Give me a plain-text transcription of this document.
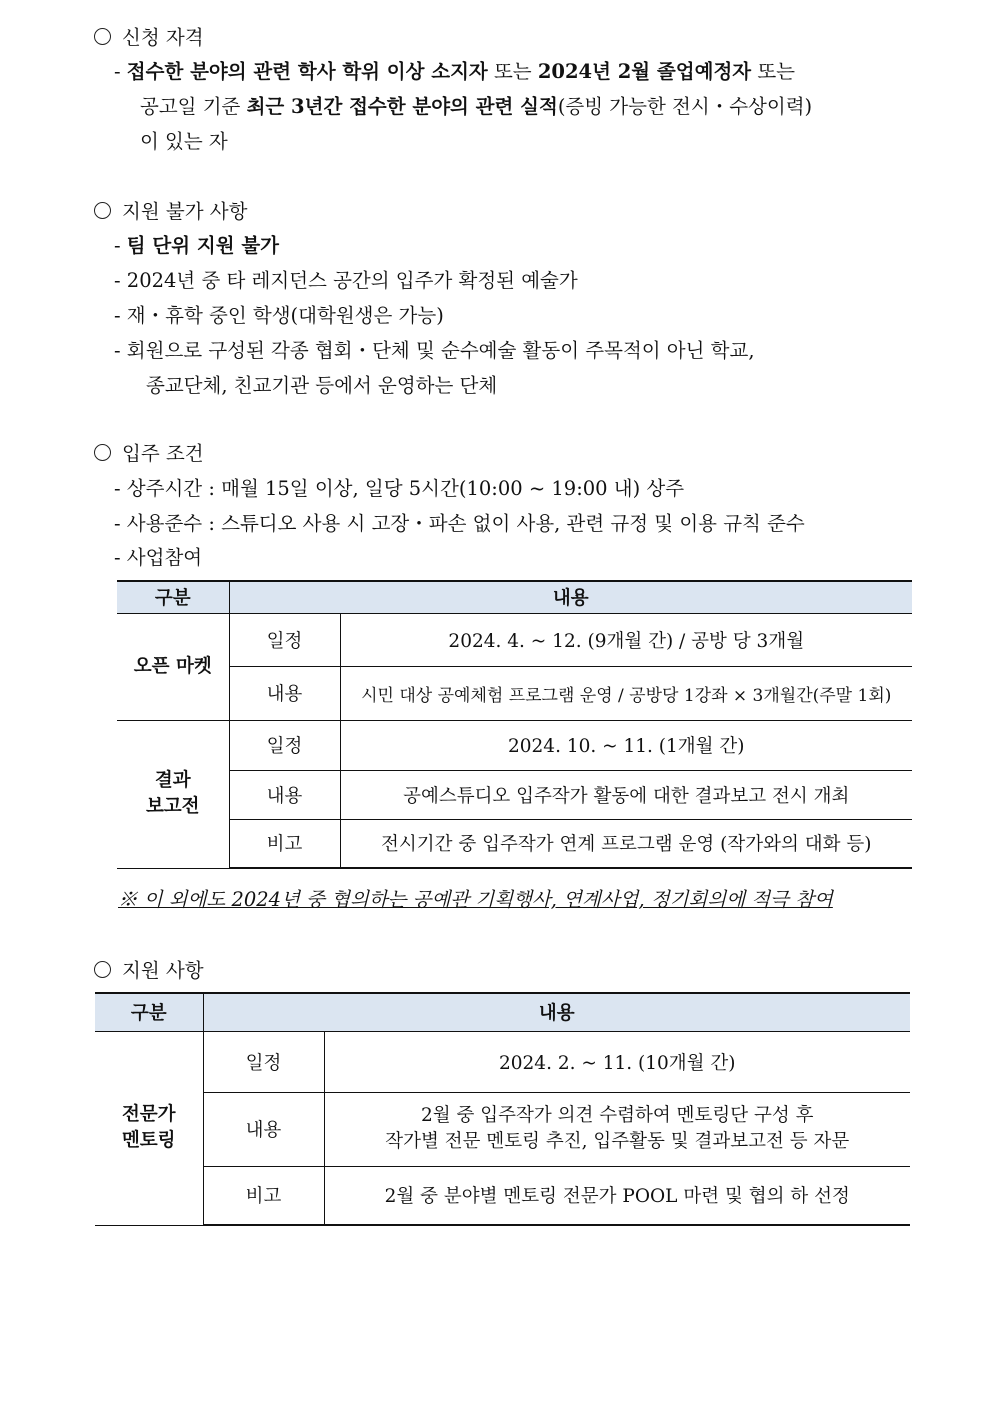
신청 자격
- 접수한 분야의 관련 학사 학위 이상 소지자 또는 2024년 2월 졸업예정자 또는
공고일 기준 최근 3년간 접수한 분야의 관련 실적(증빙 가능한 전시・수상이력)
이 있는 자
지원 불가 사항
- 팀 단위 지원 불가
- 2024년 중 타 레지던스 공간의 입주가 확정된 예술가
- 재・휴학 중인 학생(대학원생은 가능)
- 회원으로 구성된 각종 협회・단체 및 순수예술 활동이 주목적이 아닌 학교,
종교단체, 친교기관 등에서 운영하는 단체
입주 조건
- 상주시간 : 매월 15일 이상, 일당 5시간(10:00 ~ 19:00 내) 상주
- 사용준수 : 스튜디오 사용 시 고장・파손 없이 사용, 관련 규정 및 이용 규칙 준수
- 사업참여
구분	내용	
오픈 마켓	일정	2024. 4. ~ 12. (9개월 간) / 공방 당 3개월
	내용	시민 대상 공예체험 프로그램 운영 / 공방당 1강좌 × 3개월간(주말 1회)

결과
보고전	일정	2024. 10. ~ 11. (1개월 간)
	내용	공예스튜디오 입주작가 활동에 대한 결과보고 전시 개최
	비고	전시기간 중 입주작가 연계 프로그램 운영 (작가와의 대화 등)
※ 이 외에도 2024년 중 협의하는 공예관 기획행사, 연계사업, 정기회의에 적극 참여
지원 사항
구분	내용	

전문가
멘토링	일정	2024. 2. ~ 11. (10개월 간)
	내용	2월 중 입주작가 의견 수렴하여 멘토링단 구성 후
작가별 전문 멘토링 추진, 입주활동 및 결과보고전 등 자문

	비고	2월 중 분야별 멘토링 전문가 POOL 마련 및 협의 하 선정
